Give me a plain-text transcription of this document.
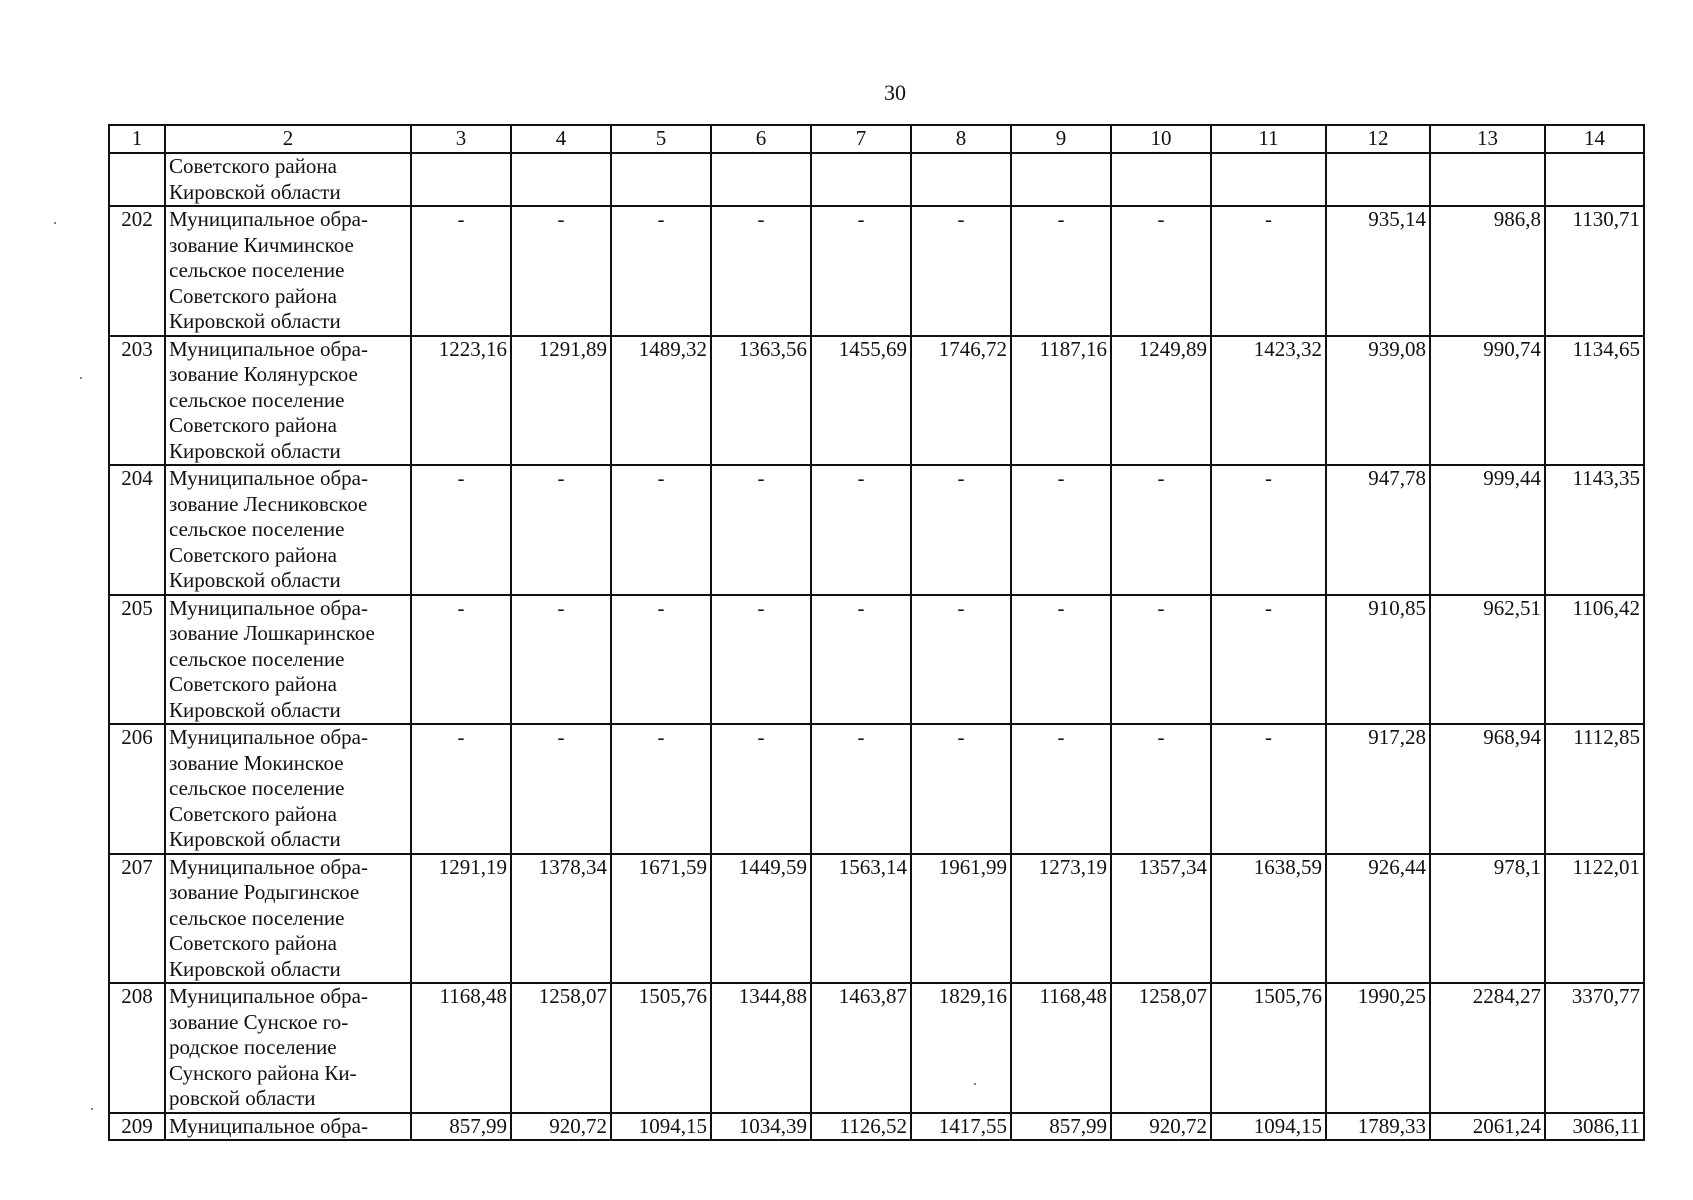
30
1	2	3	4	5	6	7	8	9	10	11	12	13	14
	Советского района Кировской области												
202	Муниципальное обра-зование Кичминское сельское поселение Советского района Кировской области	-	-	-	-	-	-	-	-	-	935,14	986,8	1130,71
203	Муниципальное обра-зование Колянурское сельское поселение Советского района Кировской области	1223,16	1291,89	1489,32	1363,56	1455,69	1746,72	1187,16	1249,89	1423,32	939,08	990,74	1134,65
204	Муниципальное обра-зование Лесниковское сельское поселение Советского района Кировской области	-	-	-	-	-	-	-	-	-	947,78	999,44	1143,35
205	Муниципальное обра-зование Лошкаринское сельское поселение Советского района Кировской области	-	-	-	-	-	-	-	-	-	910,85	962,51	1106,42
206	Муниципальное обра-зование Мокинское сельское поселение Советского района Кировской области	-	-	-	-	-	-	-	-	-	917,28	968,94	1112,85
207	Муниципальное обра-зование Родыгинское сельское поселение Советского района Кировской области	1291,19	1378,34	1671,59	1449,59	1563,14	1961,99	1273,19	1357,34	1638,59	926,44	978,1	1122,01
208	Муниципальное обра-зование Сунское го-родское поселение Сунского района Ки-ровской области	1168,48	1258,07	1505,76	1344,88	1463,87	1829,16	1168,48	1258,07	1505,76	1990,25	2284,27	3370,77
209	Муниципальное обра-	857,99	920,72	1094,15	1034,39	1126,52	1417,55	857,99	920,72	1094,15	1789,33	2061,24	3086,11
